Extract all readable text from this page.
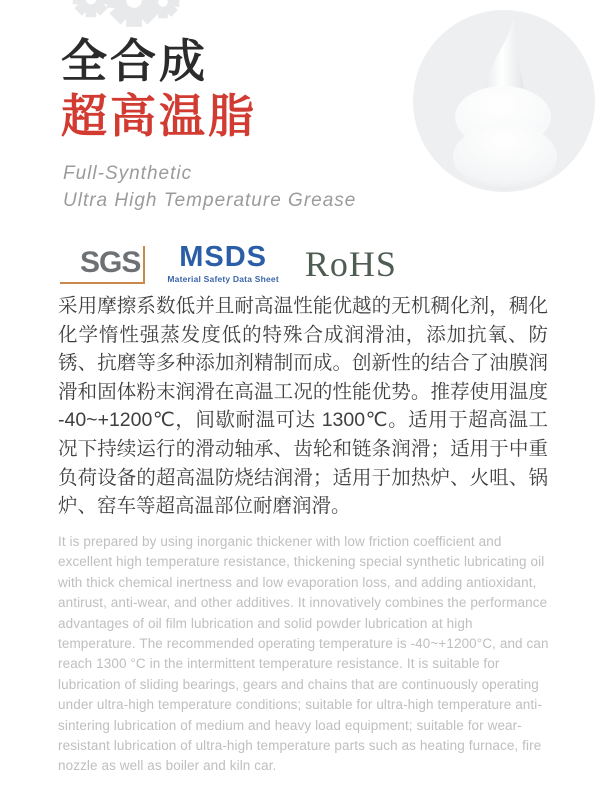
全合成
超高温脂
Full-Synthetic
Ultra High Temperature Grease
SGS	MSDS
Material Safety Data Sheet RoHS

采用摩擦系数低并且耐高温性能优越的无机稠化剂，稠化化学惰性强蒸发度低的特殊合成润滑油，添加抗氧、防锈、抗磨等多种添加剂精制而成。创新性的结合了油膜润滑和固体粉末润滑在高温工况的性能优势。推荐使用温度 -40~+1200℃，间歇耐温可达 1300℃。适用于超高温工况下持续运行的滑动轴承、齿轮和链条润滑；适用于中重负荷设备的超高温防烧结润滑；适用于加热炉、火咀、锅炉、窑车等超高温部位耐磨润滑。

It is prepared by using inorganic thickener with low friction coefficient and excellent high temperature resistance, thickening special synthetic lubricating oil with thick chemical inertness and low evaporation loss, and adding antioxidant, antirust, anti-wear, and other additives. It innovatively combines the performance advantages of oil film lubrication and solid powder lubrication at high temperature. The recommended operating temperature is -40~+1200°C, and can reach 1300 °C in the intermittent temperature resistance. It is suitable for lubrication of sliding bearings, gears and chains that are continuously operating under ultra-high temperature conditions; suitable for ultra-high temperature anti-sintering lubrication of medium and heavy load equipment; suitable for wear-resistant lubrication of ultra-high temperature parts such as heating furnace, fire nozzle as well as boiler and kiln car.
